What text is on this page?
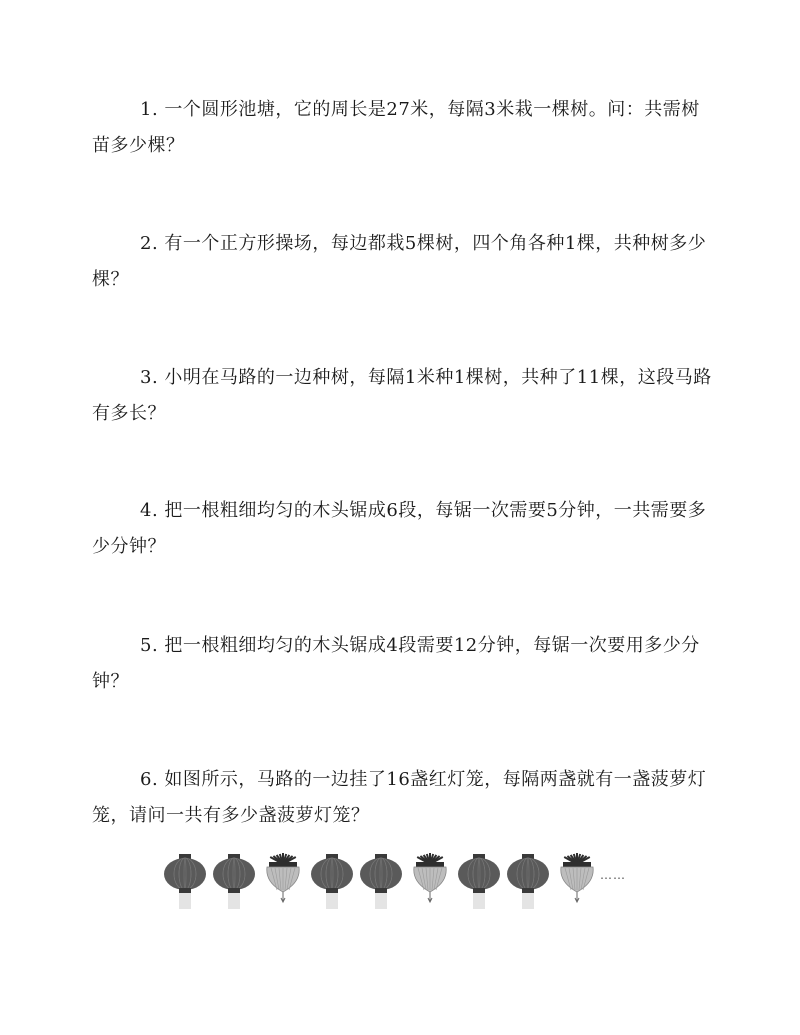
1. 一个圆形池塘，它的周长是27米，每隔3米栽一棵树。问：共需树苗多少棵？

2. 有一个正方形操场，每边都栽5棵树，四个角各种1棵，共种树多少棵？

3. 小明在马路的一边种树，每隔1米种1棵树，共种了11棵，这段马路有多长？

4. 把一根粗细均匀的木头锯成6段，每锯一次需要5分钟，一共需要多少分钟？

5. 把一根粗细均匀的木头锯成4段需要12分钟，每锯一次要用多少分钟？

6. 如图所示，马路的一边挂了16盏红灯笼，每隔两盏就有一盏菠萝灯笼，请问一共有多少盏菠萝灯笼？

……
